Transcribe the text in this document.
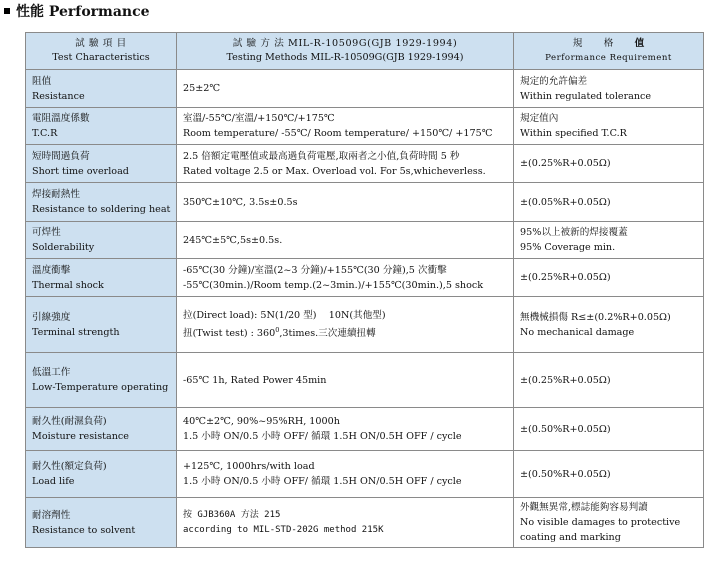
性能 Performance
試 驗 項 目
Test Characteristics	試 驗 方 法 MIL-R-10509G(GJB 1929-1994)
Testing Methods MIL-R-10509G(GJB 1929-1994)	規 格 值
Performance Requirement

阻值
Resistance	25±2℃	規定的允許偏差
Within regulated tolerance

電阻溫度係數
T.C.R	室溫/-55℃/室溫/+150℃/+175℃
Room temperature/ -55℃/ Room temperature/ +150℃/ +175℃	規定值內
Within specified T.C.R

短時間過負荷
Short time overload	2.5 倍額定電壓值或最高過負荷電壓,取兩者之小值,負荷時間 5 秒
Rated voltage 2.5 or Max. Overload vol. For 5s,whicheverless.	±(0.25%R+0.05Ω)

焊接耐熱性
Resistance to soldering heat	350℃±10℃, 3.5s±0.5s	±(0.05%R+0.05Ω)

可焊性
Solderability	245℃±5℃,5s±0.5s.	95%以上被新的焊接覆蓋
95% Coverage min.

溫度衝擊
Thermal shock	-65℃(30 分鐘)/室溫(2~3 分鐘)/+155℃(30 分鐘),5 次衝擊
-55℃(30min.)/Room temp.(2~3min.)/+155℃(30min.),5 shock	±(0.25%R+0.05Ω)

引線強度
Terminal strength	拉(Direct load): 5N(1/20 型) 10N(其他型)
扭(Twist test) : $360^0,3times$.三次連續扭轉	無機械損傷 R≤±(0.2%R+0.05Ω)
No mechanical damage

低溫工作
Low-Temperature operating	-65℃ 1h, Rated Power 45min	±(0.25%R+0.05Ω)

耐久性(耐濕負荷)
Moisture resistance	40℃±2℃, 90%~95%RH, 1000h
1.5 小時 ON/0.5 小時 OFF/ 循環 1.5H ON/0.5H OFF / cycle	±(0.50%R+0.05Ω)

耐久性(額定負荷)
Load life	+125℃, 1000hrs/with load
1.5 小時 ON/0.5 小時 OFF/ 循環 1.5H ON/0.5H OFF / cycle	±(0.50%R+0.05Ω)

耐溶劑性
Resistance to solvent	按 GJB360A 方法 215
according to MIL-STD-202G method 215K	外觀無異常,標誌能夠容易判讀
No visible damages to protective coating and marking
